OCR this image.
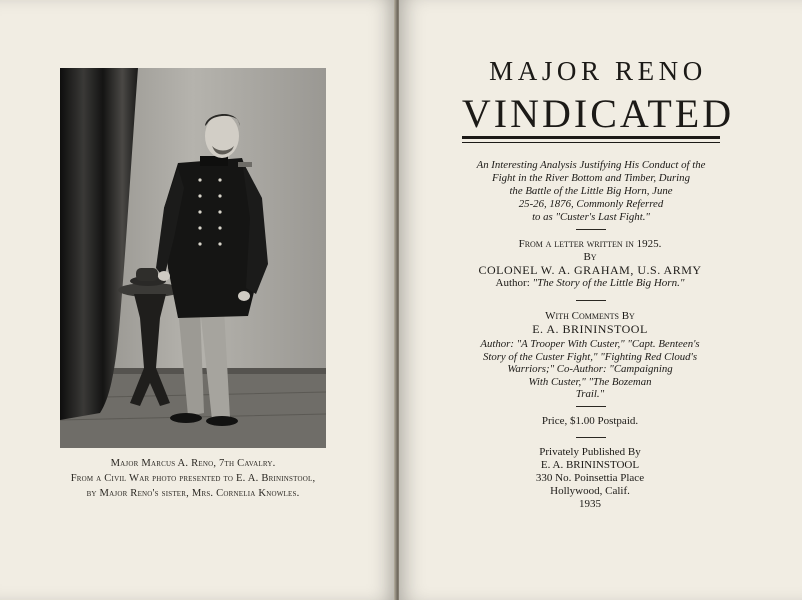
Major Marcus A. Reno, 7th Cavalry.
From a Civil War photo presented to E. A. Brininstool,
by Major Reno's sister, Mrs. Cornelia Knowles.
MAJOR RENO
VINDICATED
An Interesting Analysis Justifying His Conduct of the
Fight in the River Bottom and Timber, During
the Battle of the Little Big Horn, June
25-26, 1876, Commonly Referred
to as "Custer's Last Fight."
From a letter written in 1925.
By
COLONEL W. A. GRAHAM, U.S. ARMY
Author: "The Story of the Little Big Horn."
With Comments By
E. A. BRININSTOOL
Author: "A Trooper With Custer," "Capt. Benteen's
Story of the Custer Fight," "Fighting Red Cloud's
Warriors;" Co-Author: "Campaigning
With Custer," "The Bozeman
Trail."
Price, $1.00 Postpaid.
Privately Published By
E. A. BRININSTOOL
330 No. Poinsettia Place
Hollywood, Calif.
1935
